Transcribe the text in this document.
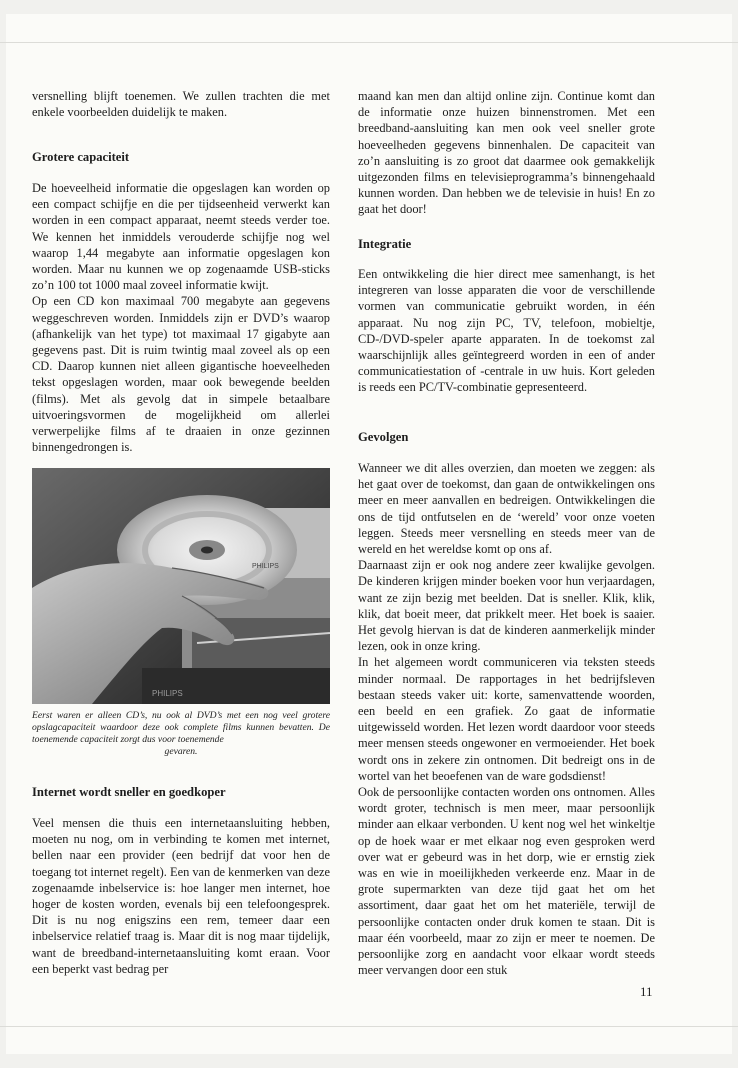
versnelling blijft toenemen. We zullen trachten die met enkele voorbeelden duidelijk te maken.

Grotere capaciteit

De hoeveelheid informatie die opgeslagen kan worden op een compact schijfje en die per tijdseenheid verwerkt kan worden in een compact apparaat, neemt steeds verder toe. We kennen het inmiddels verouderde schijfje nog wel waarop 1,44 megabyte aan informatie opgeslagen kon worden. Maar nu kunnen we op zogenaamde USB-sticks zo’n 100 tot 1000 maal zoveel informatie kwijt.

Op een CD kon maximaal 700 megabyte aan gegevens weggeschreven worden. Inmiddels zijn er DVD’s waarop (afhankelijk van het type) tot maximaal 17 gigabyte aan gegevens past. Dit is ruim twintig maal zoveel als op een CD. Daarop kunnen niet alleen gigantische hoeveelheden tekst opgeslagen worden, maar ook bewegende beelden (films). Met als gevolg dat in simpele betaalbare uitvoeringsvormen de mogelijkheid om allerlei verwerpelijke films af te draaien in onze gezinnen binnengedrongen is.

PHILIPS
PHILIPS

Eerst waren er alleen CD’s, nu ook al DVD’s met een nog veel grotere opslagcapaciteit waardoor deze ook complete films kunnen bevatten. De toenemende capaciteit zorgt dus voor toenemende

gevaren.
Internet wordt sneller en goedkoper

Veel mensen die thuis een internetaansluiting hebben, moeten nu nog, om in verbinding te komen met internet, bellen naar een provider (een bedrijf dat voor hen de toegang tot internet regelt). Een van de kenmerken van deze zogenaamde inbelservice is: hoe langer men internet, hoe hoger de kosten worden, evenals bij een telefoongesprek. Dit is nu nog enigszins een rem, temeer daar een inbelservice relatief traag is. Maar dit is nog maar tijdelijk, want de breedband-internetaansluiting komt eraan. Voor een beperkt vast bedrag per

maand kan men dan altijd online zijn. Continue komt dan de informatie onze huizen binnenstromen. Met een breedband-aansluiting kan men ook veel sneller grote hoeveelheden gegevens binnenhalen. De capaciteit van zo’n aansluiting is zo groot dat daarmee ook gemakkelijk uitgezonden films en televisieprogramma’s binnengehaald kunnen worden. Dan hebben we de televisie in huis! En zo gaat het door!

Integratie

Een ontwikkeling die hier direct mee samenhangt, is het integreren van losse apparaten die voor de verschillende vormen van communicatie gebruikt worden, in één apparaat. Nu nog zijn PC, TV, telefoon, mobieltje, CD-/DVD-speler aparte apparaten. In de toekomst zal waarschijnlijk alles geïntegreerd worden in een of ander communicatiestation of -centrale in uw huis. Kort geleden is reeds een PC/TV-combinatie gepresenteerd.

Gevolgen

Wanneer we dit alles overzien, dan moeten we zeggen: als het gaat over de toekomst, dan gaan de ontwikkelingen ons meer en meer aanvallen en bedreigen. Ontwikkelingen die ons de tijd ontfutselen en de ‘wereld’ voor onze voeten leggen. Steeds meer versnelling en steeds meer van de wereld en het wereldse komt op ons af.

Daarnaast zijn er ook nog andere zeer kwalijke gevolgen. De kinderen krijgen minder boeken voor hun verjaardagen, want ze zijn bezig met beelden. Dat is sneller. Klik, klik, klik, dat boeit meer, dat prikkelt meer. Het boek is saaier. Het gevolg hiervan is dat de kinderen aanmerkelijk minder lezen, ook in onze kring.

In het algemeen wordt communiceren via teksten steeds minder normaal. De rapportages in het bedrijfsleven bestaan steeds vaker uit: korte, samenvattende woorden, een beeld en een grafiek. Zo gaat de informatie uitgewisseld worden. Het lezen wordt daardoor voor steeds meer mensen steeds ongewoner en vermoeiender. Het boek wordt ons in zekere zin ontnomen. Dit bedreigt ons in de wortel van het beoefenen van de ware godsdienst!

Ook de persoonlijke contacten worden ons ontnomen. Alles wordt groter, technisch is men meer, maar persoonlijk minder aan elkaar verbonden. U kent nog wel het winkeltje op de hoek waar er met elkaar nog even gesproken werd over wat er gebeurd was in het dorp, wie er ernstig ziek was en wie in moeilijkheden verkeerde enz. Maar in de grote supermarkten van deze tijd gaat het om het assortiment, daar gaat het om het materiële, terwijl de persoonlijke contacten onder druk komen te staan. Dit is maar één voorbeeld, maar zo zijn er meer te noemen. De persoonlijke zorg en aandacht voor elkaar wordt steeds meer vervangen door een stuk

11
